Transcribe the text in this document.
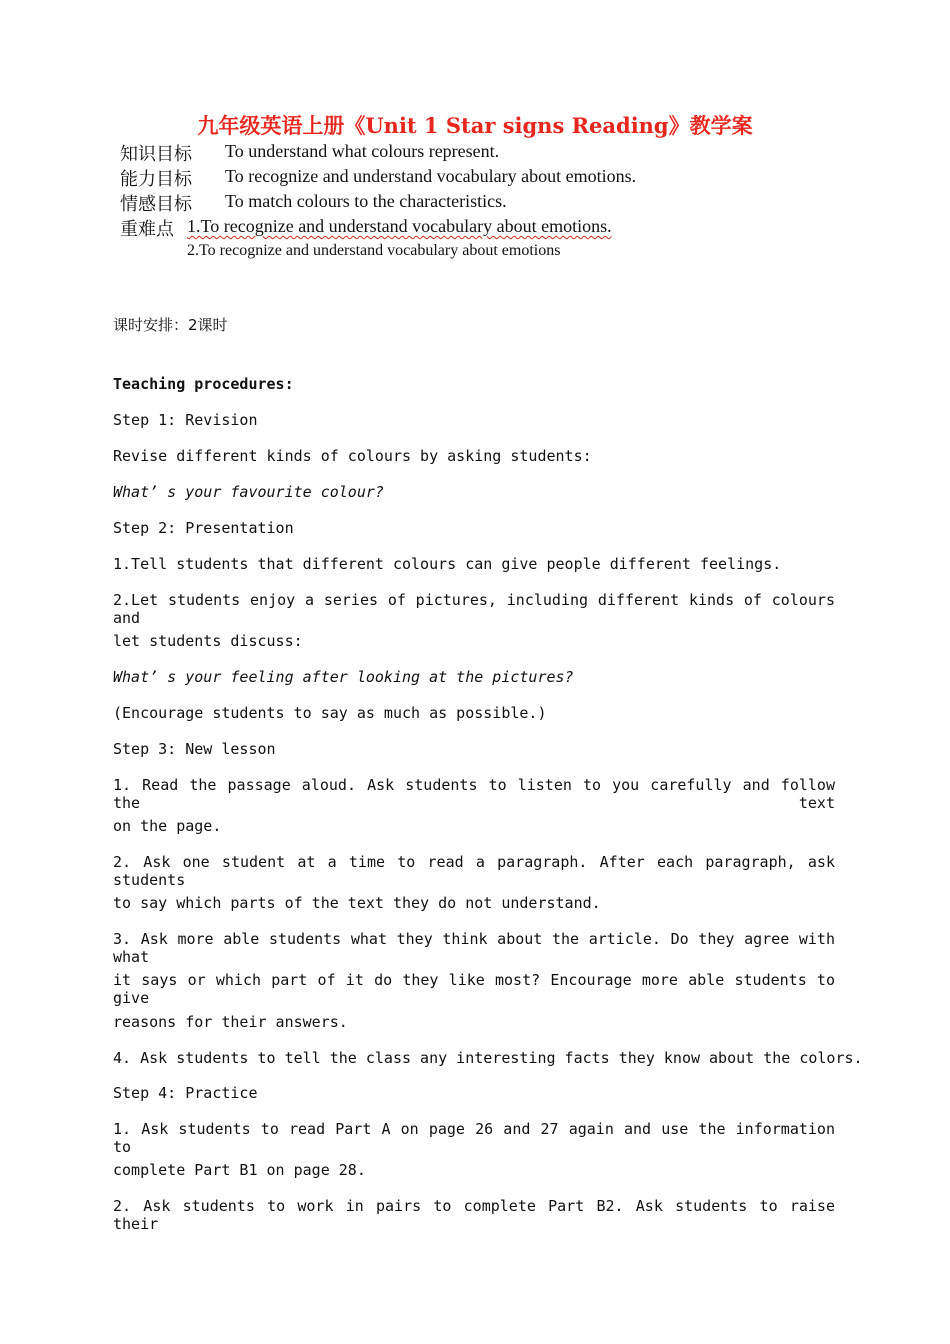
九年级英语上册《Unit 1 Star signs Reading》教学案
知识目标 To understand what colours represent.
能力目标 To recognize and understand vocabulary about emotions.
情感目标 To match colours to the characteristics.
重难点 1.To recognize and understand vocabulary about emotions.
2.To recognize and understand vocabulary about emotions
课时安排：2课时
Teaching procedures:
Step 1: Revision
Revise different kinds of colours by asking students:
What’ s your favourite colour?
Step 2: Presentation
1.Tell students that different colours can give people different feelings.
2.Let students enjoy a series of pictures, including different kinds of colours and
let students discuss:
What’ s your feeling after looking at the pictures?
(Encourage students to say as much as possible.)
Step 3: New lesson
1. Read the passage aloud. Ask students to listen to you carefully and follow the text
on the page.
2. Ask one student at a time to read a paragraph. After each paragraph, ask students
to say which parts of the text they do not understand.
3. Ask more able students what they think about the article. Do they agree with what
it says or which part of it do they like most? Encourage more able students to give
reasons for their answers.
4. Ask students to tell the class any interesting facts they know about the colors.
Step 4: Practice
1. Ask students to read Part A on page 26 and 27 again and use the information to
complete Part B1 on page 28.
2. Ask students to work in pairs to complete Part B2. Ask students to raise their
